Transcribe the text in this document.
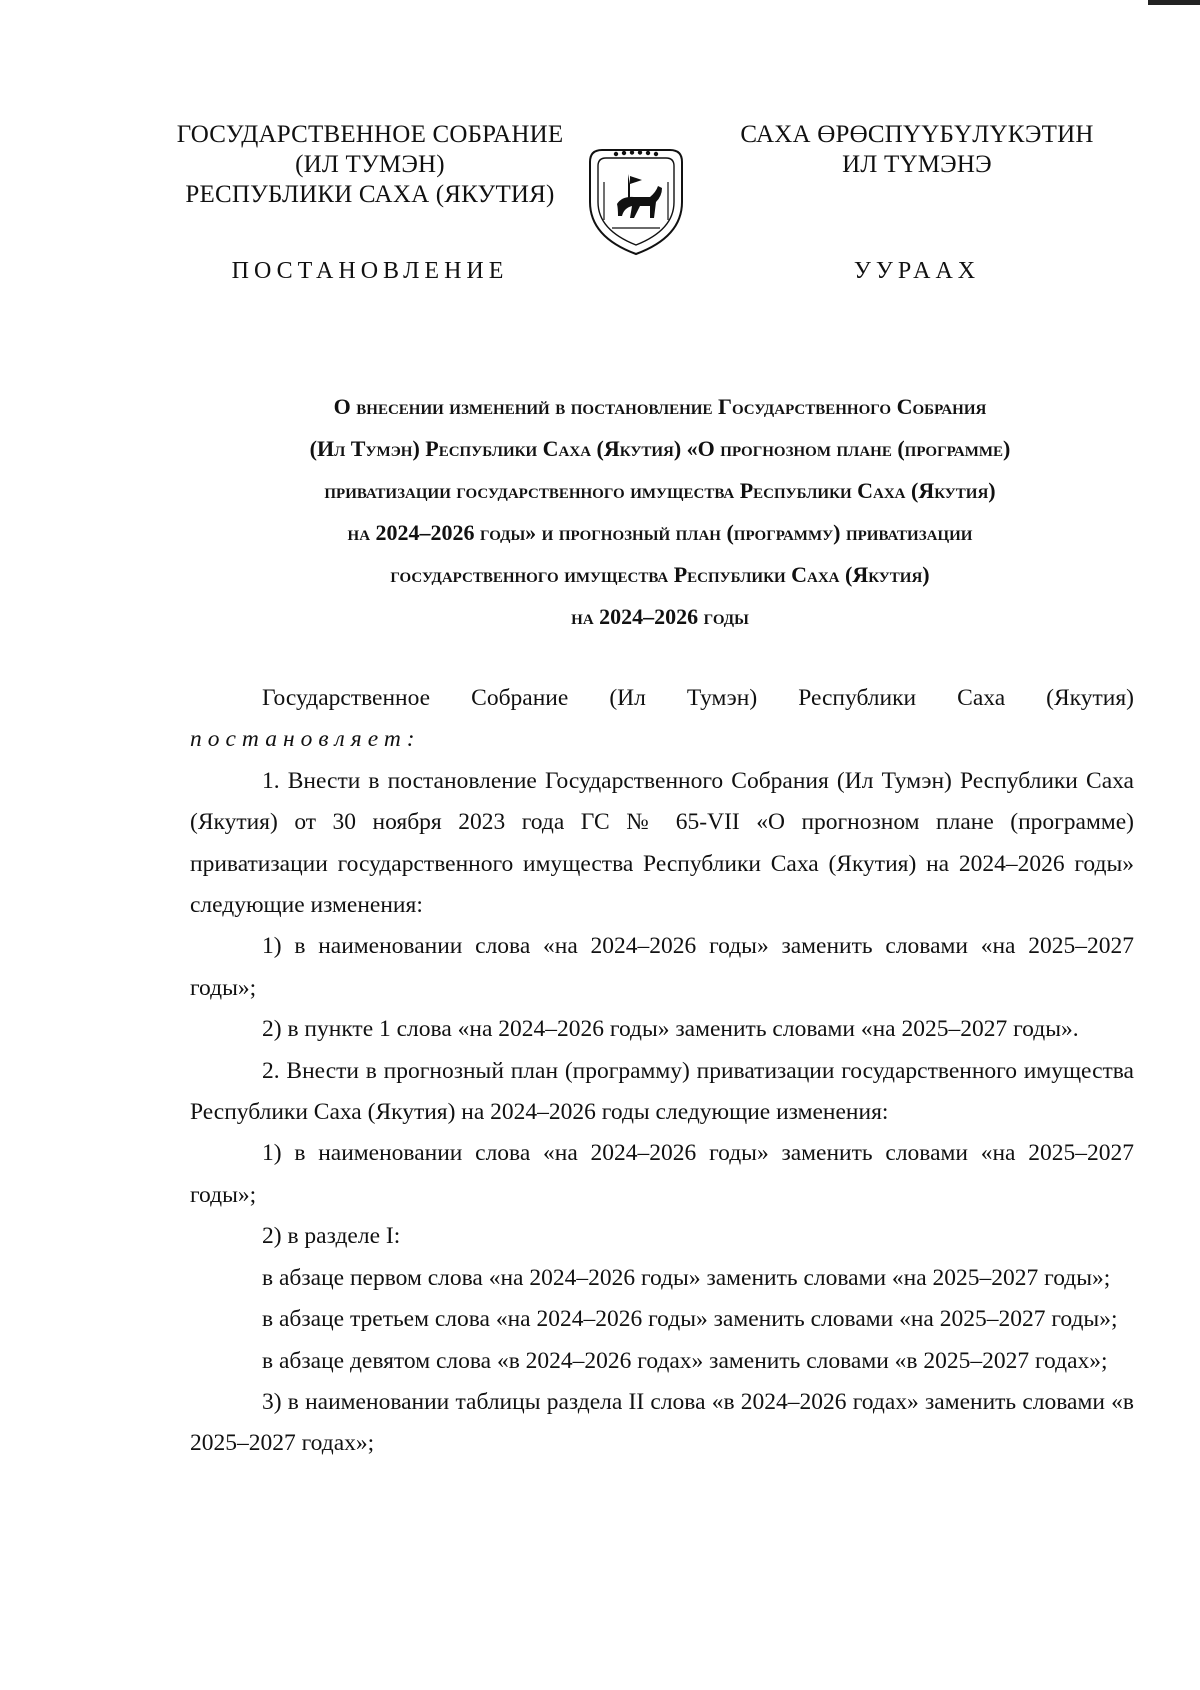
ГОСУДАРСТВЕННОЕ СОБРАНИЕ
(ИЛ ТУМЭН)
РЕСПУБЛИКИ САХА (ЯКУТИЯ)
САХА ӨРӨСПҮҮБҮЛҮКЭТИН
ИЛ ТҮМЭНЭ
ПОСТАНОВЛЕНИЕ	УУРААХ
О внесении изменений в постановление Государственного Собрания
(Ил Тумэн) Республики Саха (Якутия) «О прогнозном плане (программе)
приватизации государственного имущества Республики Саха (Якутия)
на 2024–2026 годы» и прогнозный план (программу) приватизации
государственного имущества Республики Саха (Якутия)
на 2024–2026 годы

Государственное Собрание (Ил Тумэн) Республики Саха (Якутия)

постановляет:

1. Внести в постановление Государственного Собрания (Ил Тумэн) Республики Саха (Якутия) от 30 ноября 2023 года ГС № 65-VII «О прогнозном плане (программе) приватизации государственного имущества Республики Саха (Якутия) на 2024–2026 годы» следующие изменения:

1) в наименовании слова «на 2024–2026 годы» заменить словами «на 2025–2027 годы»;

2) в пункте 1 слова «на 2024–2026 годы» заменить словами «на 2025–2027 годы».

2. Внести в прогнозный план (программу) приватизации государственного имущества Республики Саха (Якутия) на 2024–2026 годы следующие изменения:

1) в наименовании слова «на 2024–2026 годы» заменить словами «на 2025–2027 годы»;

2) в разделе I:

в абзаце первом слова «на 2024–2026 годы» заменить словами «на 2025–2027 годы»;

в абзаце третьем слова «на 2024–2026 годы» заменить словами «на 2025–2027 годы»;

в абзаце девятом слова «в 2024–2026 годах» заменить словами «в 2025–2027 годах»;

3) в наименовании таблицы раздела II слова «в 2024–2026 годах» заменить словами «в 2025–2027 годах»;
